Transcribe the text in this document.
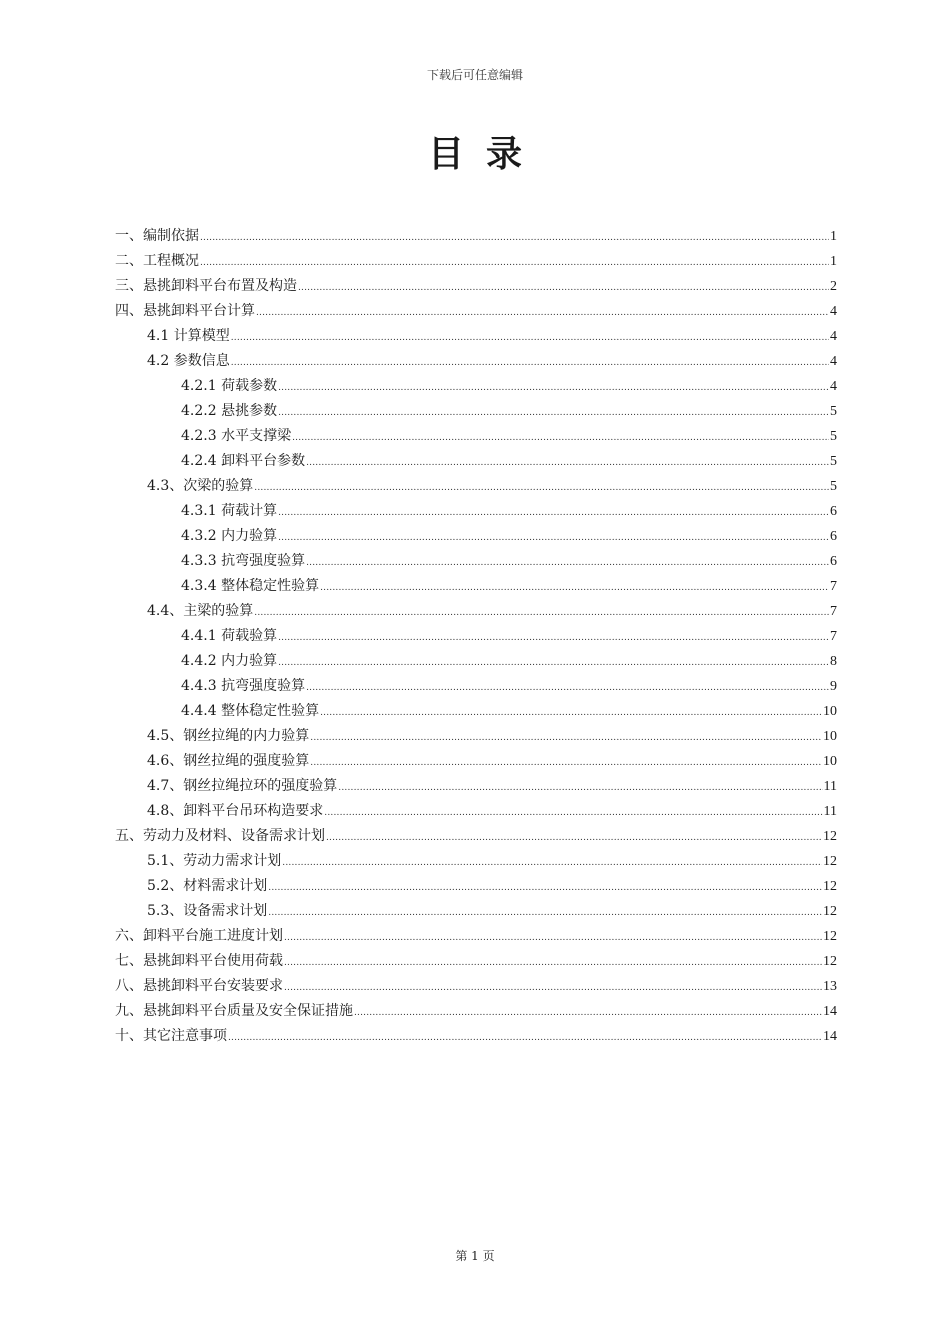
下载后可任意编辑
目录
一、编制依据 .....	1
二、工程概况 .....	1
三、悬挑卸料平台布置及构造 .....	2
四、悬挑卸料平台计算 .....	4
4.1 计算模型 .....	4
4.2 参数信息 .....	4
4.2.1 荷载参数 .....	4
4.2.2 悬挑参数 .....	5
4.2.3 水平支撑梁 .....	5
4.2.4 卸料平台参数 .....	5
4.3、次梁的验算 .....	5
4.3.1 荷载计算 .....	6
4.3.2 内力验算 .....	6
4.3.3 抗弯强度验算 .....	6
4.3.4 整体稳定性验算 .....	7
4.4、主梁的验算 .....	7
4.4.1 荷载验算 .....	7
4.4.2 内力验算 .....	8
4.4.3 抗弯强度验算 .....	9
4.4.4 整体稳定性验算 .....	10
4.5、钢丝拉绳的内力验算 .....	10
4.6、钢丝拉绳的强度验算 .....	10
4.7、钢丝拉绳拉环的强度验算 .....	11
4.8、卸料平台吊环构造要求 .....	11
五、劳动力及材料、设备需求计划 .....	12
5.1、劳动力需求计划 .....	12
5.2、材料需求计划 .....	12
5.3、设备需求计划 .....	12
六、卸料平台施工进度计划 .....	12
七、悬挑卸料平台使用荷载 .....	12
八、悬挑卸料平台安装要求 .....	13
九、悬挑卸料平台质量及安全保证措施 .....	14
十、其它注意事项 .....	14
第 1 页
